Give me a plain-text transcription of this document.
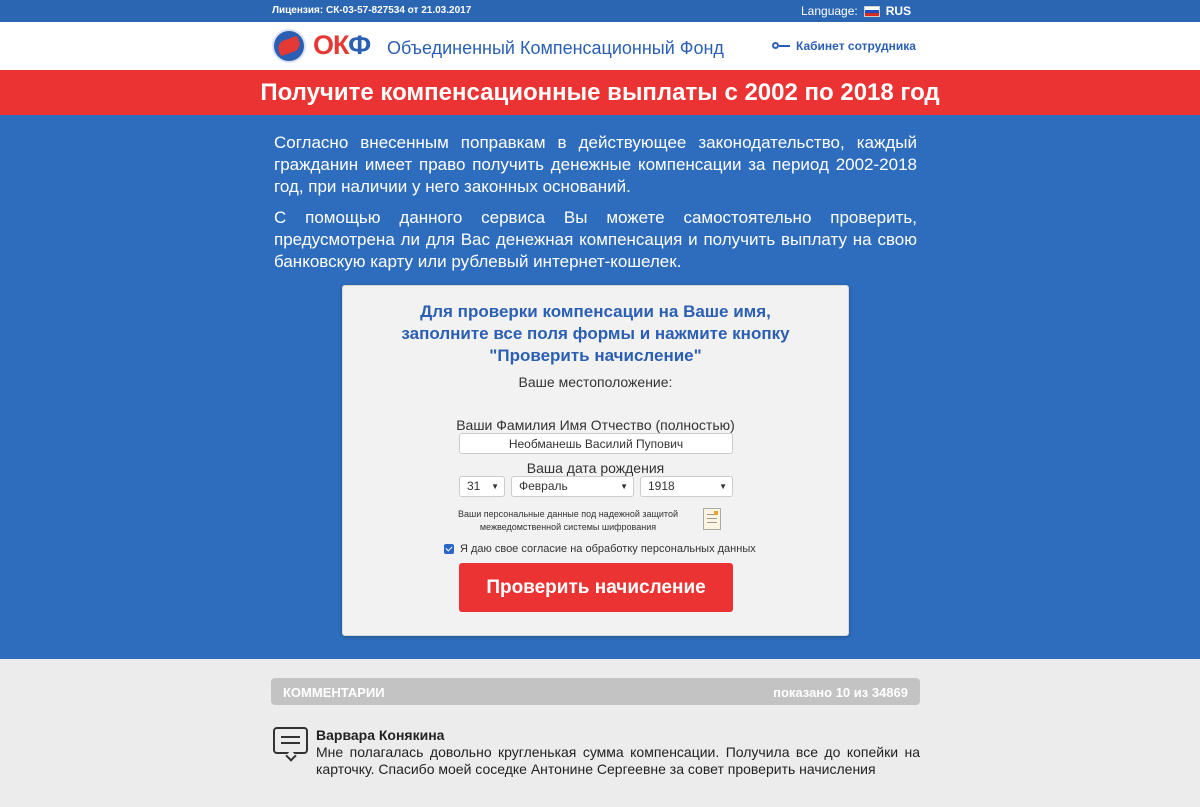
Лицензия: СК-03-57-827534 от 21.03.2017	Language: RUS
ОКФ Объединенный Компенсационный Фонд	Кабинет сотрудника
Получите компенсационные выплаты с 2002 по 2018 год

Согласно внесенным поправкам в действующее законодательство, каждый гражданин имеет право получить денежные компенсации за период 2002-2018 год, при наличии у него законных оснований.

С помощью данного сервиса Вы можете самостоятельно проверить, предусмотрена ли для Вас денежная компенсация и получить выплату на свою банковскую карту или рублевый интернет-кошелек.

Для проверки компенсации на Ваше имя,
заполните все поля формы и нажмите кнопку
"Проверить начисление"
Ваше местоположение:
Ваши Фамилия Имя Отчество (полностью)
Необманешь Василий Пупович
Ваша дата рождения
31 ▼	Февраль	▼	1918	▼
Ваши персональные данные под надежной защитой
межведомственной системы шифрования
Я даю свое согласие на обработку персональных данных
Проверить начисление
КОММЕНТАРИИ	показано 10 из 34869
Варвара Конякина
Мне полагалась довольно кругленькая сумма компенсации. Получила все до копейки на карточку. Спасибо моей соседке Антонине Сергеевне за совет проверить начисления
